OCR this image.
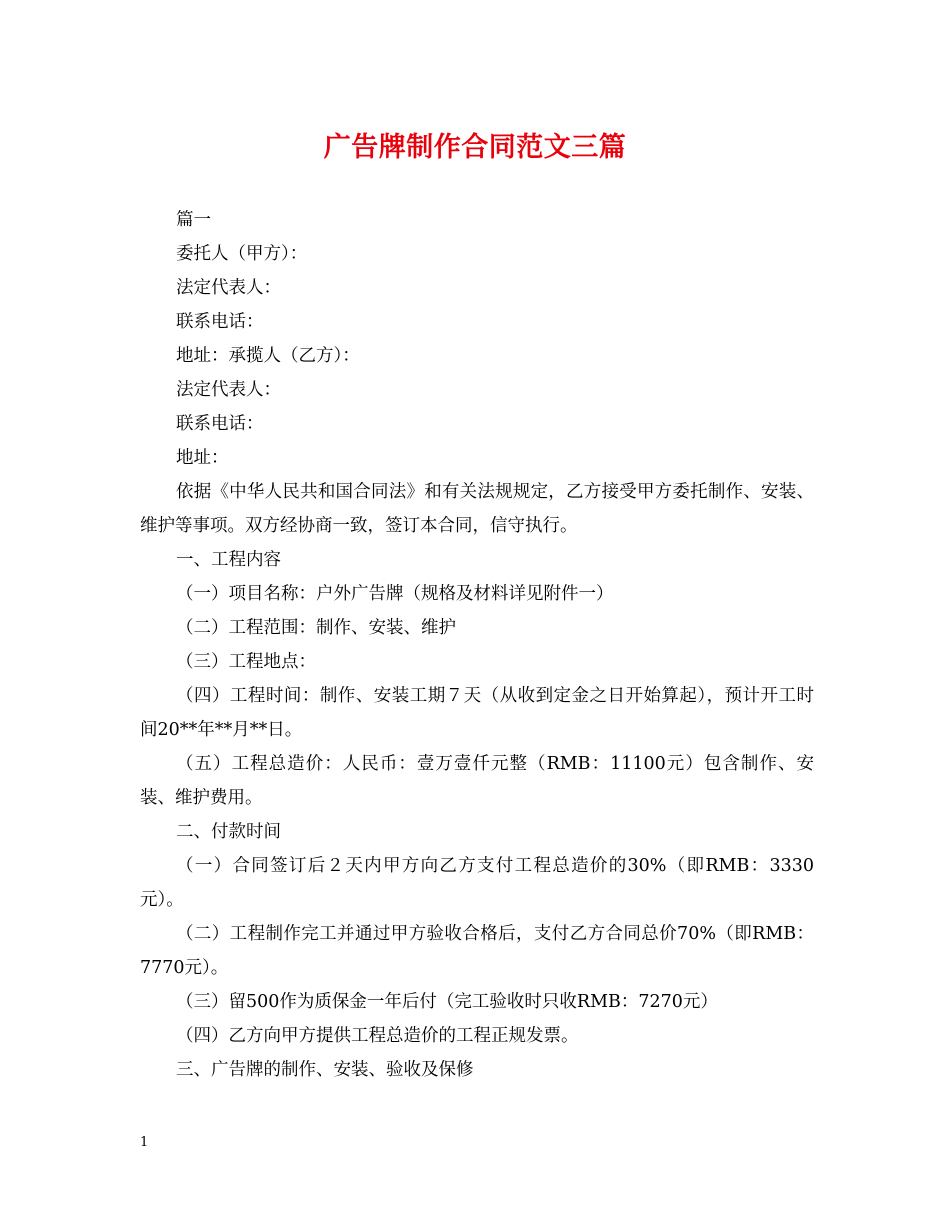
广告牌制作合同范文三篇

篇一

委托人（甲方）：

法定代表人：

联系电话：

地址：承揽人（乙方）：

法定代表人：

联系电话：

地址：

依据《中华人民共和国合同法》和有关法规规定，乙方接受甲方委托制作、安装、维护等事项。双方经协商一致，签订本合同，信守执行。

一、工程内容

（一）项目名称：户外广告牌（规格及材料详见附件一）

（二）工程范围：制作、安装、维护

（三）工程地点：

（四）工程时间：制作、安装工期７天（从收到定金之日开始算起），预计开工时间20**年**月**日。

（五）工程总造价：人民币：壹万壹仟元整（RMB：11100元）包含制作、安装、维护费用。

二、付款时间

（一）合同签订后２天内甲方向乙方支付工程总造价的30%（即RMB：3330元）。

（二）工程制作完工并通过甲方验收合格后，支付乙方合同总价70%（即RMB：7770元）。

（三）留500作为质保金一年后付（完工验收时只收RMB：7270元）

（四）乙方向甲方提供工程总造价的工程正规发票。

三、广告牌的制作、安装、验收及保修

1
